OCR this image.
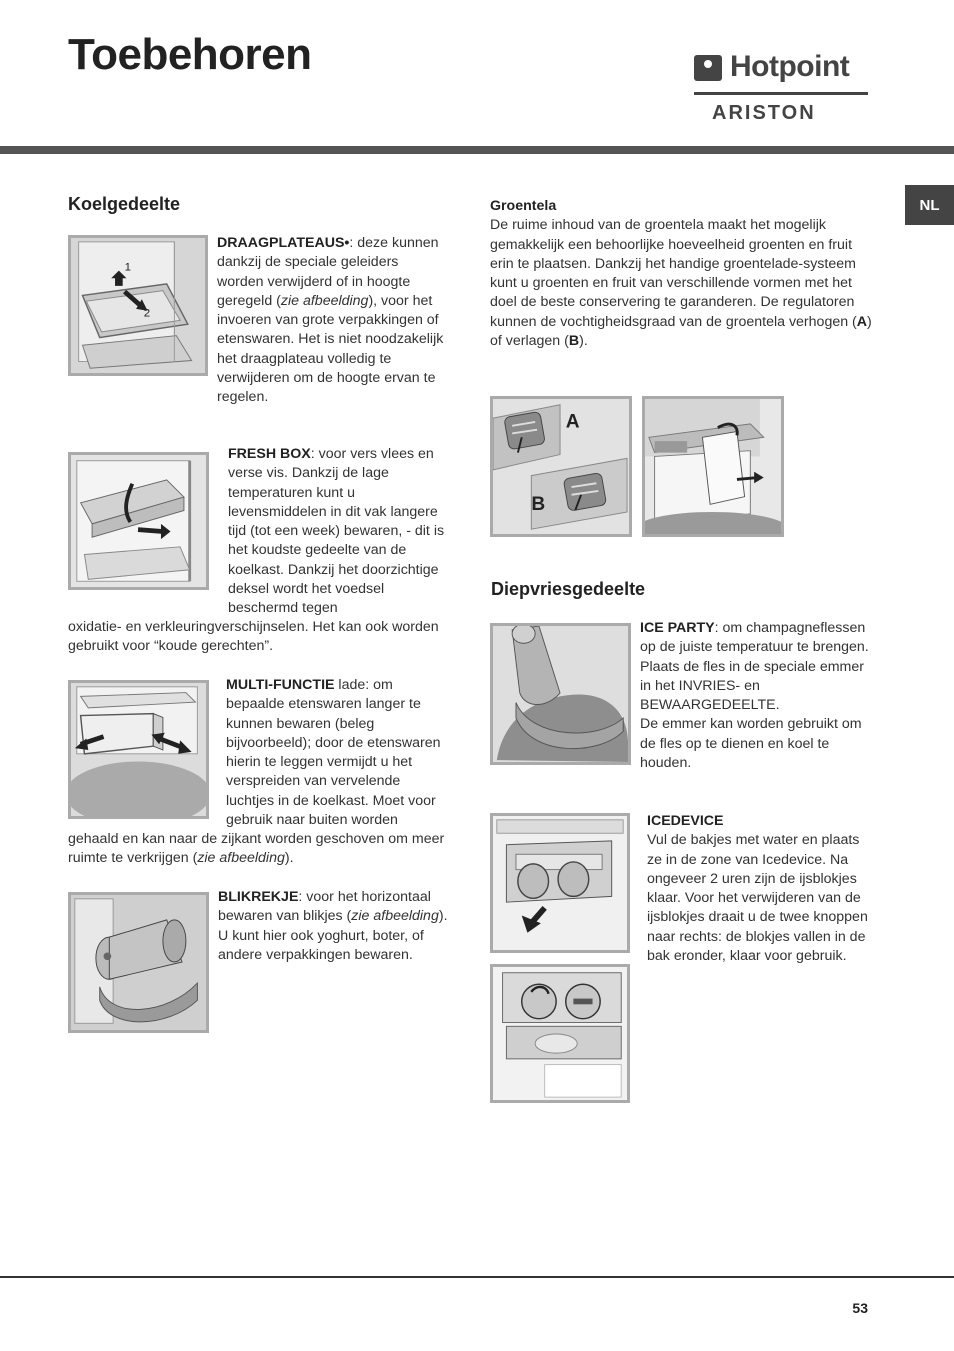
Toebehoren	Hotpoint
ARISTON
NL
Koelgedeelte
1
2

DRAAGPLATEAUS•: deze kunnen dankzij de speciale geleiders worden verwijderd of in hoogte geregeld (zie afbeelding), voor het invoeren van grote verpakkingen of etenswaren. Het is niet noodzakelijk het draagplateau volledig te verwijderen om de hoogte ervan te regelen.

FRESH BOX: voor vers vlees en verse vis. Dankzij de lage temperaturen kunt u levensmiddelen in dit vak langere tijd (tot een week) bewaren, - dit is het koudste gedeelte van de koelkast. Dankzij het doorzichtige deksel wordt het voedsel beschermd tegen

oxidatie- en verkleuringverschijnselen. Het kan ook worden gebruikt voor “koude gerechten”.

MULTI-FUNCTIE lade: om bepaalde etenswaren langer te kunnen bewaren (beleg bijvoorbeeld); door de etenswaren hierin te leggen vermijdt u het verspreiden van vervelende luchtjes in de koelkast. Moet voor gebruik naar buiten worden

gehaald en kan naar de zijkant worden geschoven om meer ruimte te verkrijgen (zie afbeelding).

BLIKREKJE: voor het horizontaal bewaren van blikjes (zie afbeelding). U kunt hier ook yoghurt, boter, of andere verpakkingen bewaren.

Groentela
De ruime inhoud van de groentela maakt het mogelijk gemakkelijk een behoorlijke hoeveelheid groenten en fruit erin te plaatsen. Dankzij het handige groentelade-systeem kunt u groenten en fruit van verschillende vormen met het doel de beste conservering te garanderen. De regulatoren kunnen de vochtigheidsgraad van de groentela verhogen (A) of verlagen (B).

A
B
Diepvriesgedeelte

ICE PARTY: om champagneflessen op de juiste temperatuur te brengen. Plaats de fles in de speciale emmer in het INVRIES- en BEWAARGEDEELTE.
De emmer kan worden gebruikt om de fles op te dienen en koel te houden.

ICEDEVICE
Vul de bakjes met water en plaats ze in de zone van Icedevice. Na ongeveer 2 uren zijn de ijsblokjes klaar. Voor het verwijderen van de ijsblokjes draait u de twee knoppen naar rechts: de blokjes vallen in de bak eronder, klaar voor gebruik.

53
